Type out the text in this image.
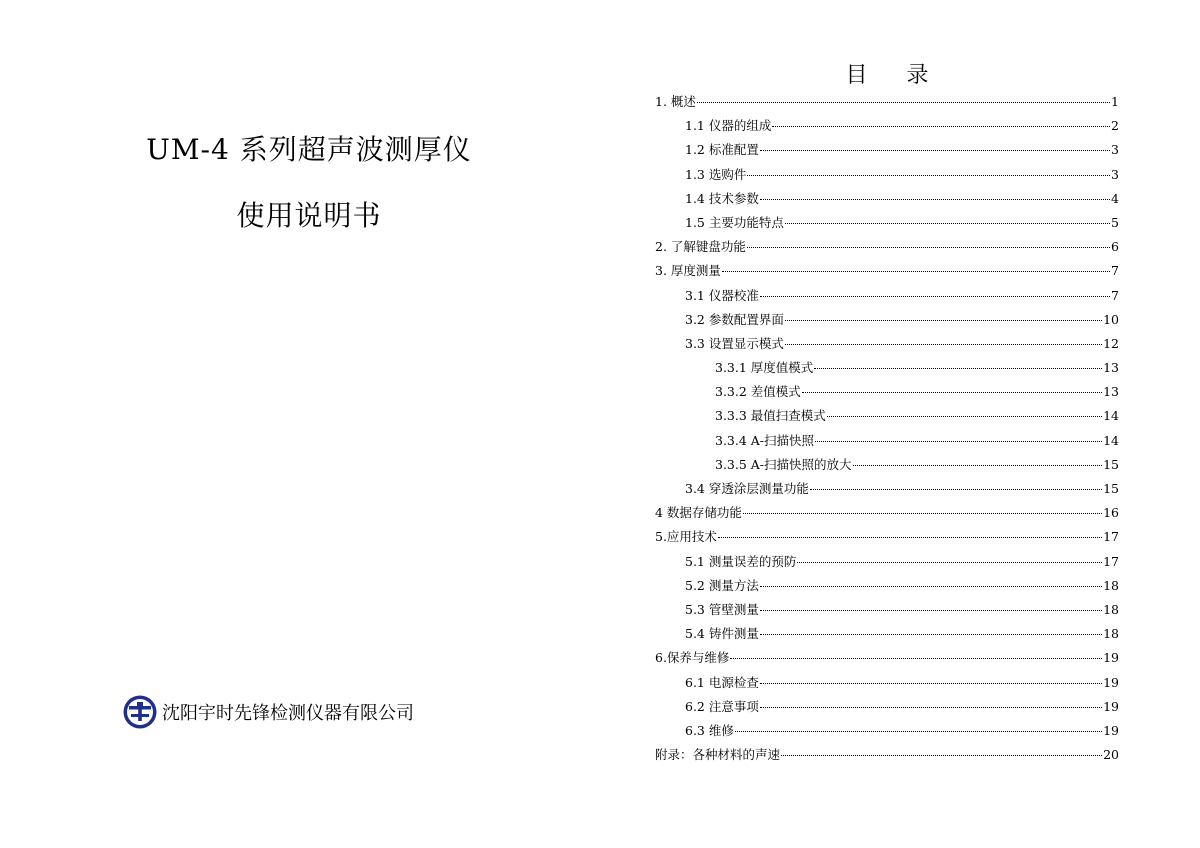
UM-4 系列超声波测厚仪
使用说明书
沈阳宇时先锋检测仪器有限公司
目 录
1. 概述	1
1.1 仪器的组成	2
1.2 标准配置	3
1.3 选购件	3
1.4 技术参数	4
1.5 主要功能特点	5
2. 了解键盘功能	6
3. 厚度测量	7
3.1 仪器校准	7
3.2 参数配置界面	10
3.3 设置显示模式	12
3.3.1 厚度值模式	13
3.3.2 差值模式	13
3.3.3 最值扫查模式	14
3.3.4 A-扫描快照	14
3.3.5 A-扫描快照的放大	15
3.4 穿透涂层测量功能	15
4 数据存储功能	16
5.应用技术	17
5.1 测量误差的预防	17
5.2 测量方法	18
5.3 管壁测量	18
5.4 铸件测量	18
6.保养与维修	19
6.1 电源检查	19
6.2 注意事项	19
6.3 维修	19
附录：各种材料的声速	20
